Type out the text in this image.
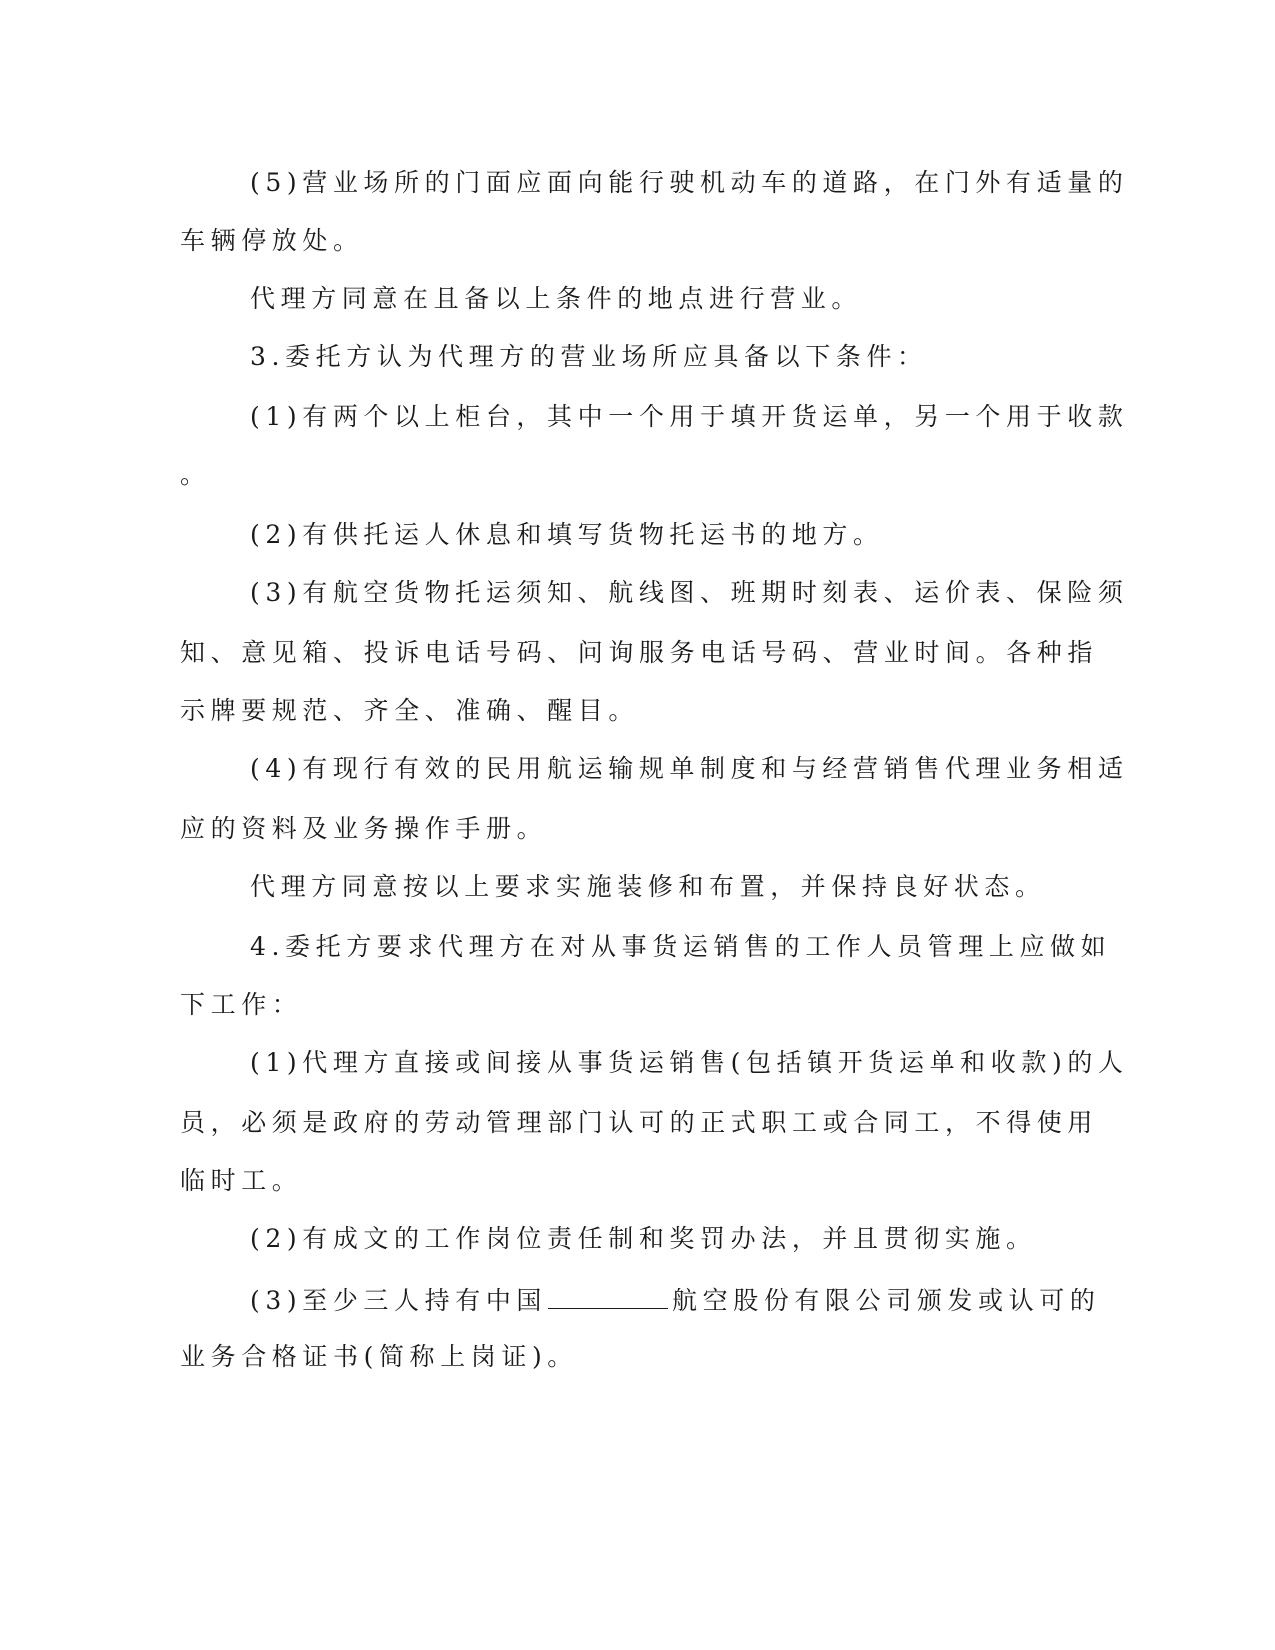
(5)营业场所的门面应面向能行驶机动车的道路，在门外有适量的
车辆停放处。
代理方同意在且备以上条件的地点进行营业。
3.委托方认为代理方的营业场所应具备以下条件：
(1)有两个以上柜台，其中一个用于填开货运单，另一个用于收款
。
(2)有供托运人休息和填写货物托运书的地方。
(3)有航空货物托运须知、航线图、班期时刻表、运价表、保险须
知、意见箱、投诉电话号码、问询服务电话号码、营业时间。各种指
示牌要规范、齐全、准确、醒目。
(4)有现行有效的民用航运输规单制度和与经营销售代理业务相适
应的资料及业务操作手册。
代理方同意按以上要求实施装修和布置，并保持良好状态。
4.委托方要求代理方在对从事货运销售的工作人员管理上应做如
下工作：
(1)代理方直接或间接从事货运销售(包括镇开货运单和收款)的人
员，必须是政府的劳动管理部门认可的正式职工或合同工，不得使用
临时工。
(2)有成文的工作岗位责任制和奖罚办法，并且贯彻实施。
(3)至少三人持有中国	航空股份有限公司颁发或认可的
业务合格证书(简称上岗证)。
